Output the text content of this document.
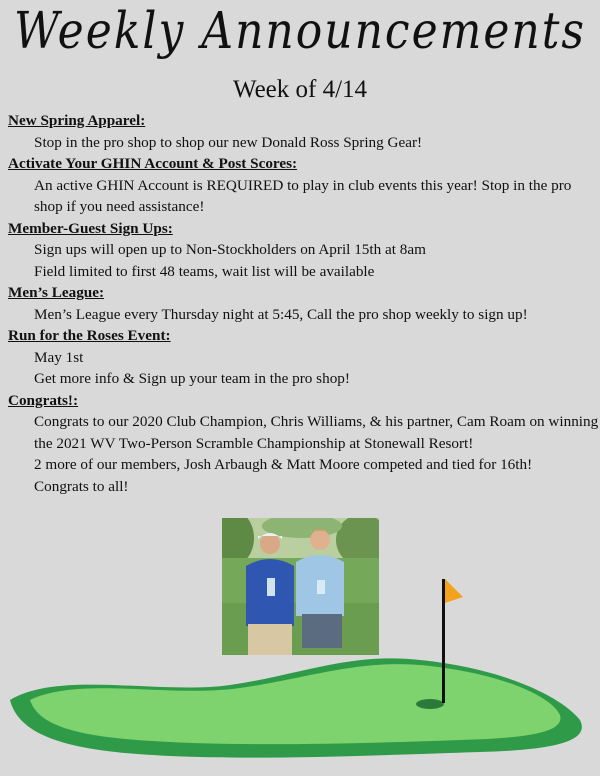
Weekly Announcements
Week of 4/14
New Spring Apparel:
Stop in the pro shop to shop our new Donald Ross Spring Gear!
Activate Your GHIN Account & Post Scores:
An active GHIN Account is REQUIRED to play in club events this year! Stop in the pro shop if you need assistance!
Member-Guest Sign Ups:
Sign ups will open up to Non-Stockholders on April 15th at 8am
Field limited to first 48 teams, wait list will be available
Men’s League:
Men’s League every Thursday night at 5:45, Call the pro shop weekly to sign up!
Run for the Roses Event:
May 1st
Get more info & Sign up your team in the pro shop!
Congrats!:
Congrats to our 2020 Club Champion, Chris Williams, & his partner, Cam Roam on winning the 2021 WV Two-Person Scramble Championship at Stonewall Resort!
2 more of our members, Josh Arbaugh & Matt Moore competed and tied for 16th!
Congrats to all!
